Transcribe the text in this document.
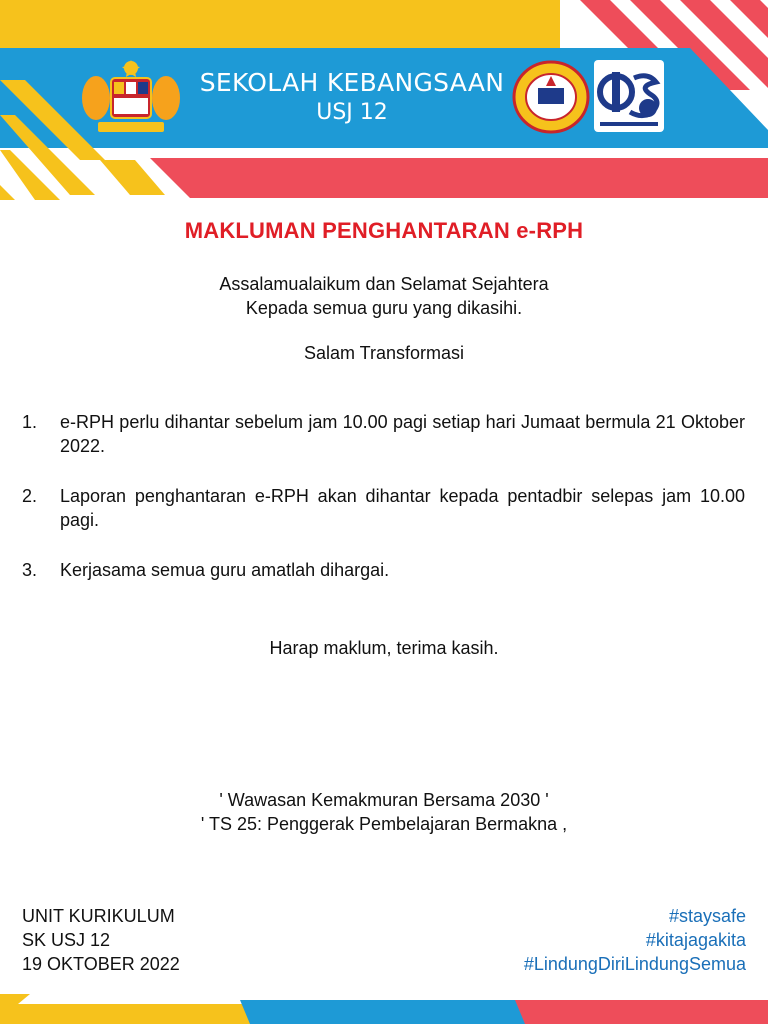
SEKOLAH KEBANGSAAN
USJ 12
MAKLUMAN PENGHANTARAN e-RPH
Assalamualaikum dan Selamat Sejahtera
Kepada semua guru yang dikasihi.
Salam Transformasi
1. e-RPH perlu dihantar sebelum jam 10.00 pagi setiap hari Jumaat bermula 21 Oktober 2022.
2. Laporan penghantaran e-RPH akan dihantar kepada pentadbir selepas jam 10.00 pagi.
3. Kerjasama semua guru amatlah dihargai.
Harap maklum, terima kasih.
' Wawasan Kemakmuran Bersama 2030 '
' TS 25: Penggerak Pembelajaran Bermakna ,
UNIT KURIKULUM
SK USJ 12
19 OKTOBER 2022
#staysafe
#kitajagakita
#LindungDiriLindungSemua
